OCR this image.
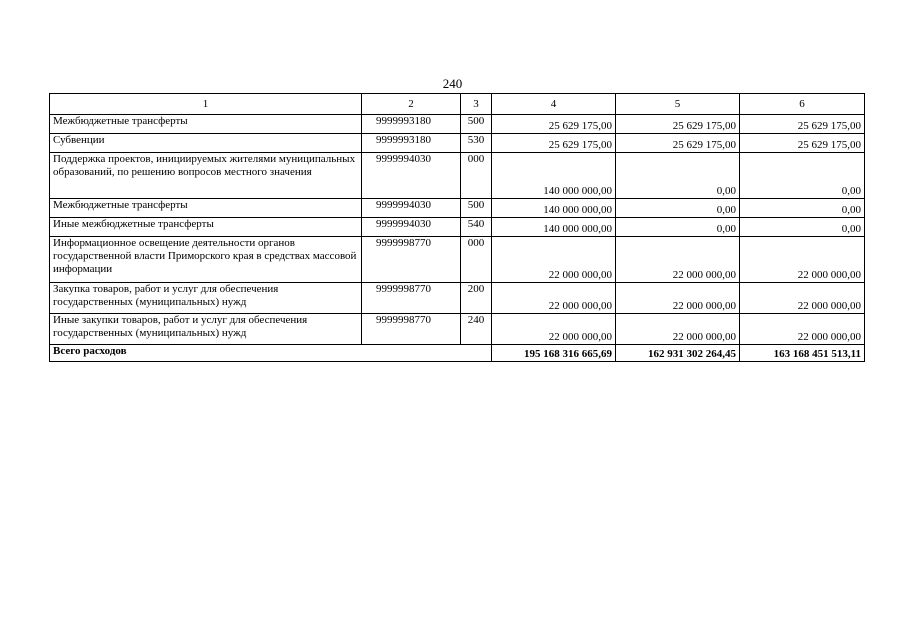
240
1	2	3	4	5	6
Межбюджетные трансферты	9999993180	500	25 629 175,00	25 629 175,00	25 629 175,00
Субвенции	9999993180	530	25 629 175,00	25 629 175,00	25 629 175,00
Поддержка проектов, инициируемых жителями муниципальных образований, по решению вопросов местного значения	9999994030	000	140 000 000,00	0,00	0,00
Межбюджетные трансферты	9999994030	500	140 000 000,00	0,00	0,00
Иные межбюджетные трансферты	9999994030	540	140 000 000,00	0,00	0,00
Информационное освещение деятельности органов государственной власти Приморского края в средствах массовой информации	9999998770	000	22 000 000,00	22 000 000,00	22 000 000,00
Закупка товаров, работ и услуг для обеспечения государственных (муниципальных) нужд	9999998770	200	22 000 000,00	22 000 000,00	22 000 000,00
Иные закупки товаров, работ и услуг для обеспечения государственных (муниципальных) нужд	9999998770	240	22 000 000,00	22 000 000,00	22 000 000,00
Всего расходов			195 168 316 665,69	162 931 302 264,45	163 168 451 513,11
